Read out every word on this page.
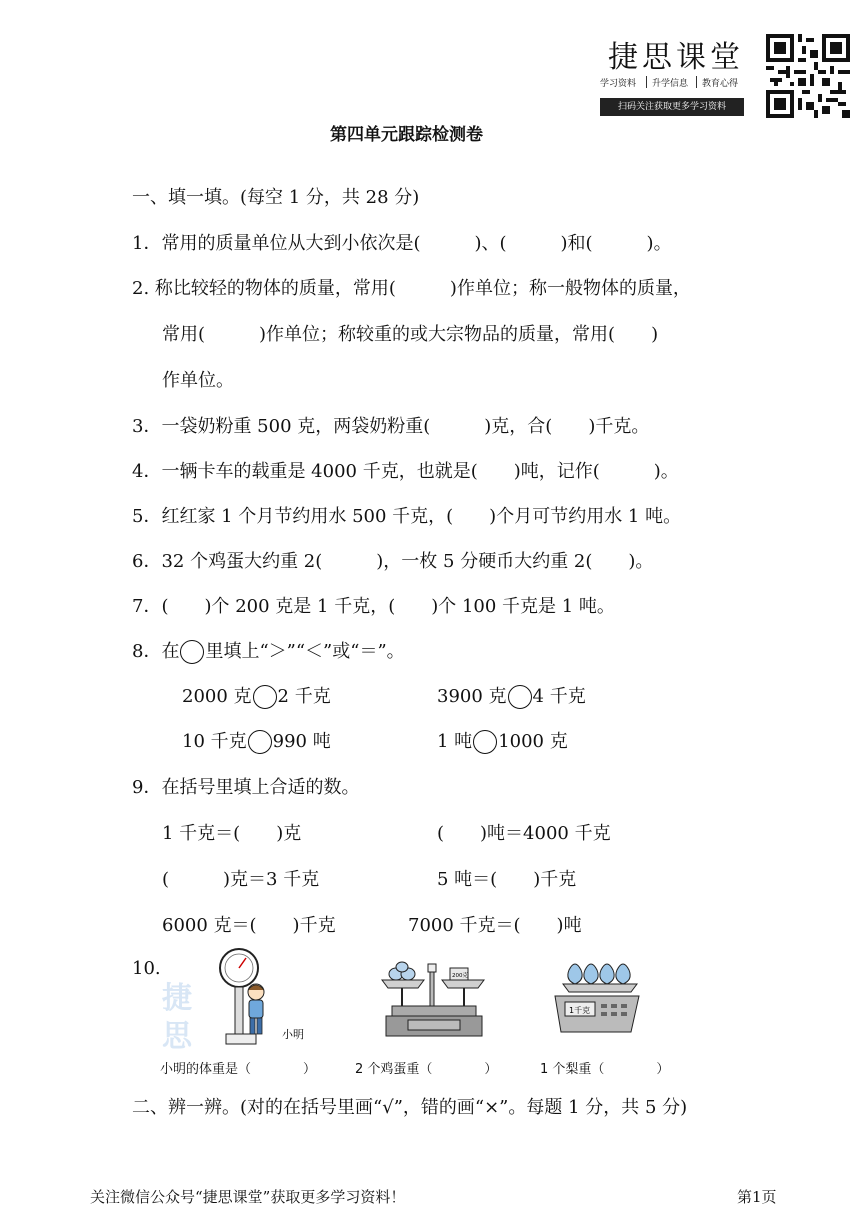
捷思课堂
学习资料 升学信息 教育心得
扫码关注获取更多学习资料
第四单元跟踪检测卷
一、填一填。(每空 1 分，共 28 分)
1．常用的质量单位从大到小依次是(　　　)、(　　　)和(　　　)。
2. 称比较轻的物体的质量，常用(　　　)作单位；称一般物体的质量，
常用(　　　)作单位；称较重的或大宗物品的质量，常用(　　)
作单位。
3．一袋奶粉重 500 克，两袋奶粉重(　　　)克，合(　　)千克。
4．一辆卡车的载重是 4000 千克，也就是(　　)吨，记作(　　　)。
5．红红家 1 个月节约用水 500 千克，(　　)个月可节约用水 1 吨。
6．32 个鸡蛋大约重 2(　　　)，一枚 5 分硬币大约重 2(　　)。
7．(　　)个 200 克是 1 千克，(　　)个 100 千克是 1 吨。
8．在 里填上“＞”“＜”或“＝”。
2000 克 2 千克	3900 克 4 千克
10 千克 990 吨	1 吨 1000 克
9．在括号里填上合适的数。
1 千克＝(　　)克	(　　)吨＝4000 千克
(　　　)克＝3 千克	5 吨＝(　　)千克
6000 克＝(　　)千克	7000 千克＝(　　)吨
10.
捷
思	小明
200克
1千克
小明的体重是（　　　　）	2 个鸡蛋重（　　　　）	1 个梨重（　　　　）
二、辨一辨。(对的在括号里画“√”，错的画“×”。每题 1 分，共 5 分)
关注微信公众号“捷思课堂”获取更多学习资料！	第1页
